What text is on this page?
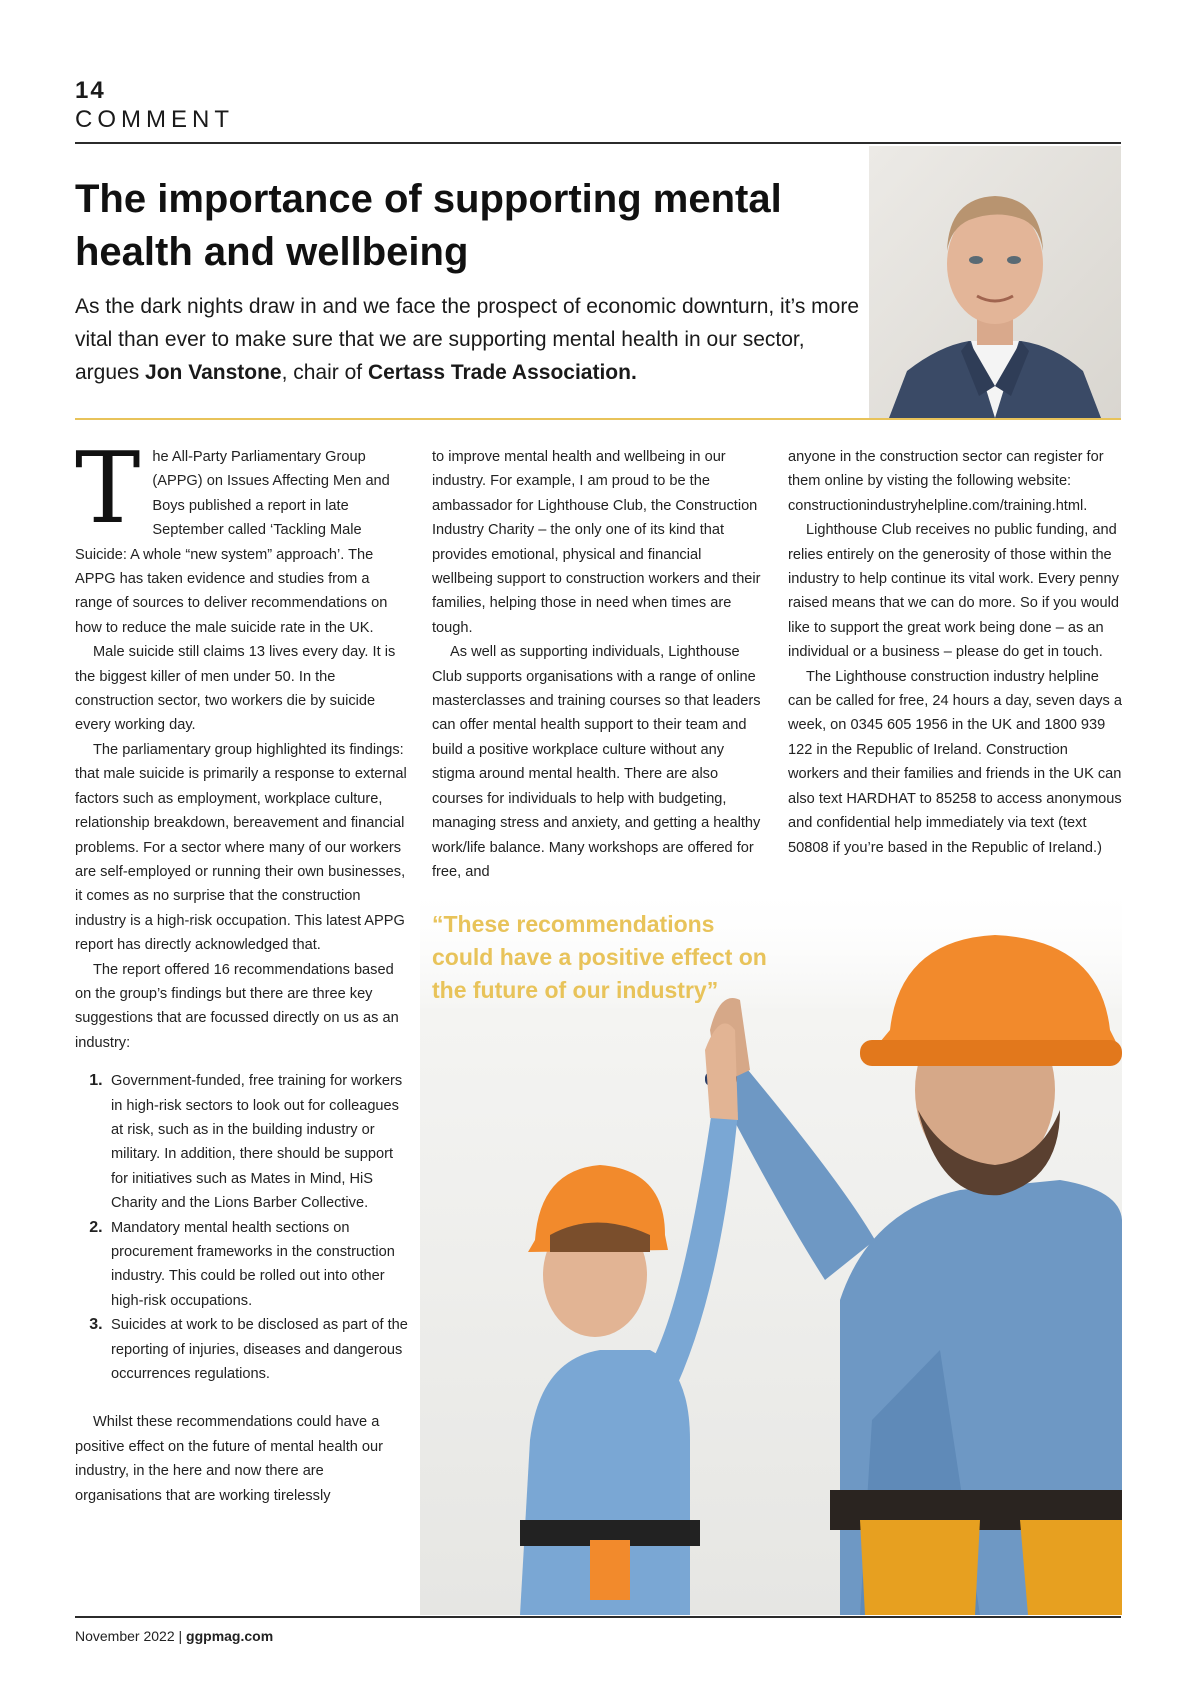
14
COMMENT
The importance of supporting mental health and wellbeing

As the dark nights draw in and we face the prospect of economic downturn, it’s more vital than ever to make sure that we are supporting mental health in our sector, argues Jon Vanstone, chair of Certass Trade Association.

The All-Party Parliamentary Group (APPG) on Issues Affecting Men and Boys published a report in late September called ‘Tackling Male Suicide: A whole “new system” approach’. The APPG has taken evidence and studies from a range of sources to deliver recommendations on how to reduce the male suicide rate in the UK.

Male suicide still claims 13 lives every day. It is the biggest killer of men under 50. In the construction sector, two workers die by suicide every working day.

The parliamentary group highlighted its findings: that male suicide is primarily a response to external factors such as employment, workplace culture, relationship breakdown, bereavement and financial problems. For a sector where many of our workers are self-employed or running their own businesses, it comes as no surprise that the construction industry is a high-risk occupation. This latest APPG report has directly acknowledged that.

The report offered 16 recommendations based on the group’s findings but there are three key suggestions that are focussed directly on us as an industry:

1. Government-funded, free training for workers in high-risk sectors to look out for colleagues at risk, such as in the building industry or military. In addition, there should be support for initiatives such as Mates in Mind, HiS Charity and the Lions Barber Collective.
2. Mandatory mental health sections on procurement frameworks in the construction industry. This could be rolled out into other high-risk occupations.
3. Suicides at work to be disclosed as part of the reporting of injuries, diseases and dangerous occurrences regulations.

Whilst these recommendations could have a positive effect on the future of mental health our industry, in the here and now there are organisations that are working tirelessly

to improve mental health and wellbeing in our industry. For example, I am proud to be the ambassador for Lighthouse Club, the Construction Industry Charity – the only one of its kind that provides emotional, physical and financial wellbeing support to construction workers and their families, helping those in need when times are tough.

As well as supporting individuals, Lighthouse Club supports organisations with a range of online masterclasses and training courses so that leaders can offer mental health support to their team and build a positive workplace culture without any stigma around mental health. There are also courses for individuals to help with budgeting, managing stress and anxiety, and getting a healthy work/life balance. Many workshops are offered for free, and

“These recommendations could have a positive effect on the future of our industry”

anyone in the construction sector can register for them online by visting the following website: constructionindustryhelpline.com/training.html.

Lighthouse Club receives no public funding, and relies entirely on the generosity of those within the industry to help continue its vital work. Every penny raised means that we can do more. So if you would like to support the great work being done – as an individual or a business – please do get in touch.

The Lighthouse construction industry helpline can be called for free, 24 hours a day, seven days a week, on 0345 605 1956 in the UK and 1800 939 122 in the Republic of Ireland. Construction workers and their families and friends in the UK can also text HARDHAT to 85258 to access anonymous and confidential help immediately via text (text 50808 if you’re based in the Republic of Ireland.)

November 2022 | ggpmag.com
